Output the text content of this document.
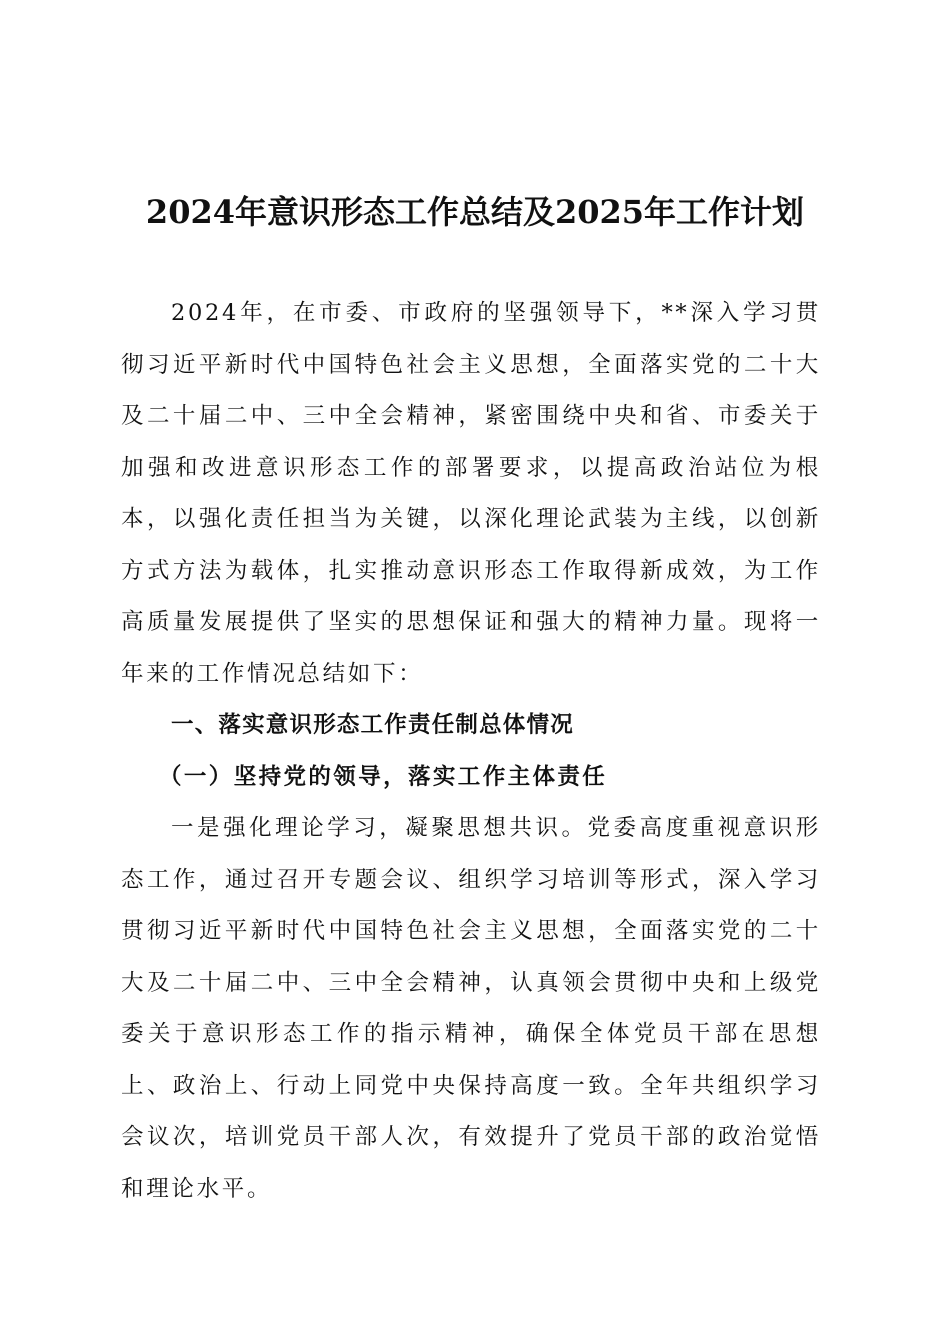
2024年意识形态工作总结及2025年工作计划

2024年，在市委、市政府的坚强领导下，**深入学习贯彻习近平新时代中国特色社会主义思想，全面落实党的二十大及二十届二中、三中全会精神，紧密围绕中央和省、市委关于加强和改进意识形态工作的部署要求，以提高政治站位为根本，以强化责任担当为关键，以深化理论武装为主线，以创新方式方法为载体，扎实推动意识形态工作取得新成效，为工作高质量发展提供了坚实的思想保证和强大的精神力量。现将一年来的工作情况总结如下：

一、落实意识形态工作责任制总体情况

（一）坚持党的领导，落实工作主体责任

一是强化理论学习，凝聚思想共识。党委高度重视意识形态工作，通过召开专题会议、组织学习培训等形式，深入学习贯彻习近平新时代中国特色社会主义思想，全面落实党的二十大及二十届二中、三中全会精神，认真领会贯彻中央和上级党委关于意识形态工作的指示精神，确保全体党员干部在思想上、政治上、行动上同党中央保持高度一致。全年共组织学习会议次，培训党员干部人次，有效提升了党员干部的政治觉悟和理论水平。
